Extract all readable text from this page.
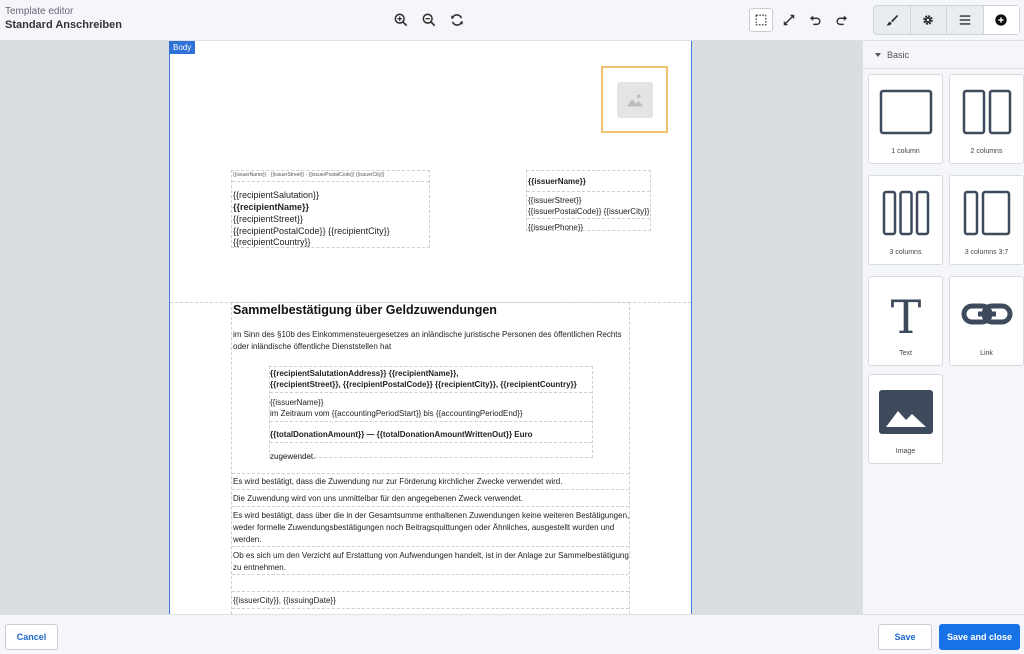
Template editor
Standard Anschreiben
{{issuerName}} · {{issuerStreet}} · {{issuerPostalCode}} {{issuerCity}}
{{recipientSalutation}}
{{recipientName}}
{{recipientStreet}}
{{recipientPostalCode}} {{recipientCity}}
{{recipientCountry}}
{{issuerName}}
{{issuerStreet}}
{{issuerPostalCode}} {{issuerCity}}
{{issuerPhone}}
Sammelbestätigung über Geldzuwendungen
im Sinn des §10b des Einkommensteuergesetzes an inländische juristische Personen des öffentlichen Rechts
oder inländische öffentliche Dienststellen hat
{{recipientSalutationAddress}} {{recipientName}},
{{recipientStreet}}, {{recipientPostalCode}} {{recipientCity}}, {{recipientCountry}}
{{issuerName}}
im Zeitraum vom {{accountingPeriodStart}} bis {{accountingPeriodEnd}}
{{totalDonationAmount}} — {{totalDonationAmountWrittenOut}} Euro
zugewendet.
Es wird bestätigt, dass die Zuwendung nur zur Förderung kirchlicher Zwecke verwendet wird.
Die Zuwendung wird von uns unmittelbar für den angegebenen Zweck verwendet.
Es wird bestätigt, dass über die in der Gesamtsumme enthaltenen Zuwendungen keine weiteren Bestätigungen,
weder formelle Zuwendungsbestätigungen noch Beitragsquittungen oder Ähnliches, ausgestellt wurden und
werden.
Ob es sich um den Verzicht auf Erstattung von Aufwendungen handelt, ist in der Anlage zur Sammelbestätigung
zu entnehmen.
{{issuerCity}}, {{issuingDate}}
Body
Basic
1 column	2 columns
3 columns	3 columns 3:7
T
Text	Link
Image
Cancel	Save	Save and close
